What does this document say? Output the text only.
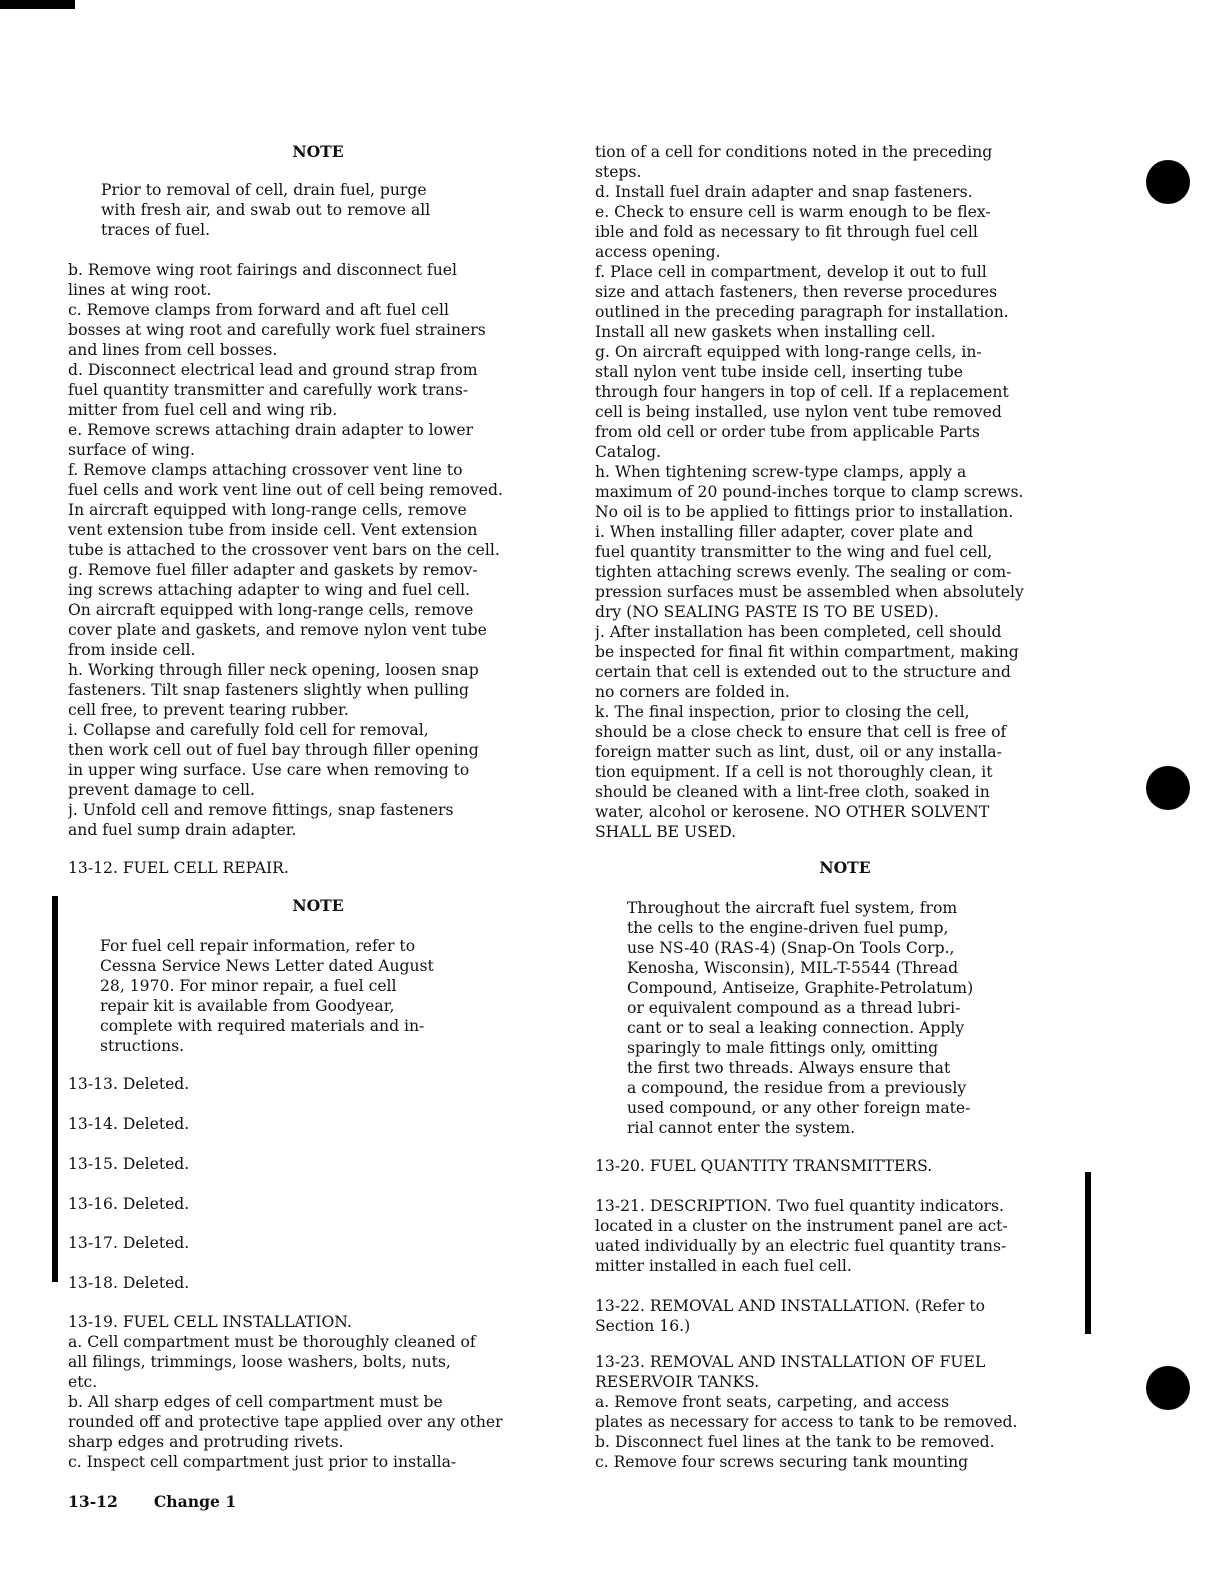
NOTE
Prior to removal of cell, drain fuel, purge
with fresh air, and swab out to remove all
traces of fuel.
b. Remove wing root fairings and disconnect fuel
lines at wing root.
c. Remove clamps from forward and aft fuel cell
bosses at wing root and carefully work fuel strainers
and lines from cell bosses.
d. Disconnect electrical lead and ground strap from
fuel quantity transmitter and carefully work trans-
mitter from fuel cell and wing rib.
e. Remove screws attaching drain adapter to lower
surface of wing.
f. Remove clamps attaching crossover vent line to
fuel cells and work vent line out of cell being removed.
In aircraft equipped with long-range cells, remove
vent extension tube from inside cell. Vent extension
tube is attached to the crossover vent bars on the cell.
g. Remove fuel filler adapter and gaskets by remov-
ing screws attaching adapter to wing and fuel cell.
On aircraft equipped with long-range cells, remove
cover plate and gaskets, and remove nylon vent tube
from inside cell.
h. Working through filler neck opening, loosen snap
fasteners. Tilt snap fasteners slightly when pulling
cell free, to prevent tearing rubber.
i. Collapse and carefully fold cell for removal,
then work cell out of fuel bay through filler opening
in upper wing surface. Use care when removing to
prevent damage to cell.
j. Unfold cell and remove fittings, snap fasteners
and fuel sump drain adapter.
13-12. FUEL CELL REPAIR.
NOTE
For fuel cell repair information, refer to
Cessna Service News Letter dated August
28, 1970. For minor repair, a fuel cell
repair kit is available from Goodyear,
complete with required materials and in-
structions.
13-13. Deleted.
13-14. Deleted.
13-15. Deleted.
13-16. Deleted.
13-17. Deleted.
13-18. Deleted.
13-19. FUEL CELL INSTALLATION.
a. Cell compartment must be thoroughly cleaned of
all filings, trimmings, loose washers, bolts, nuts,
etc.
b. All sharp edges of cell compartment must be
rounded off and protective tape applied over any other
sharp edges and protruding rivets.
c. Inspect cell compartment just prior to installa-
tion of a cell for conditions noted in the preceding
steps.
d. Install fuel drain adapter and snap fasteners.
e. Check to ensure cell is warm enough to be flex-
ible and fold as necessary to fit through fuel cell
access opening.
f. Place cell in compartment, develop it out to full
size and attach fasteners, then reverse procedures
outlined in the preceding paragraph for installation.
Install all new gaskets when installing cell.
g. On aircraft equipped with long-range cells, in-
stall nylon vent tube inside cell, inserting tube
through four hangers in top of cell. If a replacement
cell is being installed, use nylon vent tube removed
from old cell or order tube from applicable Parts
Catalog.
h. When tightening screw-type clamps, apply a
maximum of 20 pound-inches torque to clamp screws.
No oil is to be applied to fittings prior to installation.
i. When installing filler adapter, cover plate and
fuel quantity transmitter to the wing and fuel cell,
tighten attaching screws evenly. The sealing or com-
pression surfaces must be assembled when absolutely
dry (NO SEALING PASTE IS TO BE USED).
j. After installation has been completed, cell should
be inspected for final fit within compartment, making
certain that cell is extended out to the structure and
no corners are folded in.
k. The final inspection, prior to closing the cell,
should be a close check to ensure that cell is free of
foreign matter such as lint, dust, oil or any installa-
tion equipment. If a cell is not thoroughly clean, it
should be cleaned with a lint-free cloth, soaked in
water, alcohol or kerosene. NO OTHER SOLVENT
SHALL BE USED.
NOTE
Throughout the aircraft fuel system, from
the cells to the engine-driven fuel pump,
use NS-40 (RAS-4) (Snap-On Tools Corp.,
Kenosha, Wisconsin), MIL-T-5544 (Thread
Compound, Antiseize, Graphite-Petrolatum)
or equivalent compound as a thread lubri-
cant or to seal a leaking connection. Apply
sparingly to male fittings only, omitting
the first two threads. Always ensure that
a compound, the residue from a previously
used compound, or any other foreign mate-
rial cannot enter the system.
13-20. FUEL QUANTITY TRANSMITTERS.
13-21. DESCRIPTION. Two fuel quantity indicators.
located in a cluster on the instrument panel are act-
uated individually by an electric fuel quantity trans-
mitter installed in each fuel cell.
13-22. REMOVAL AND INSTALLATION. (Refer to
Section 16.)
13-23. REMOVAL AND INSTALLATION OF FUEL
RESERVOIR TANKS.
a. Remove front seats, carpeting, and access
plates as necessary for access to tank to be removed.
b. Disconnect fuel lines at the tank to be removed.
c. Remove four screws securing tank mounting
13-12 Change 1
